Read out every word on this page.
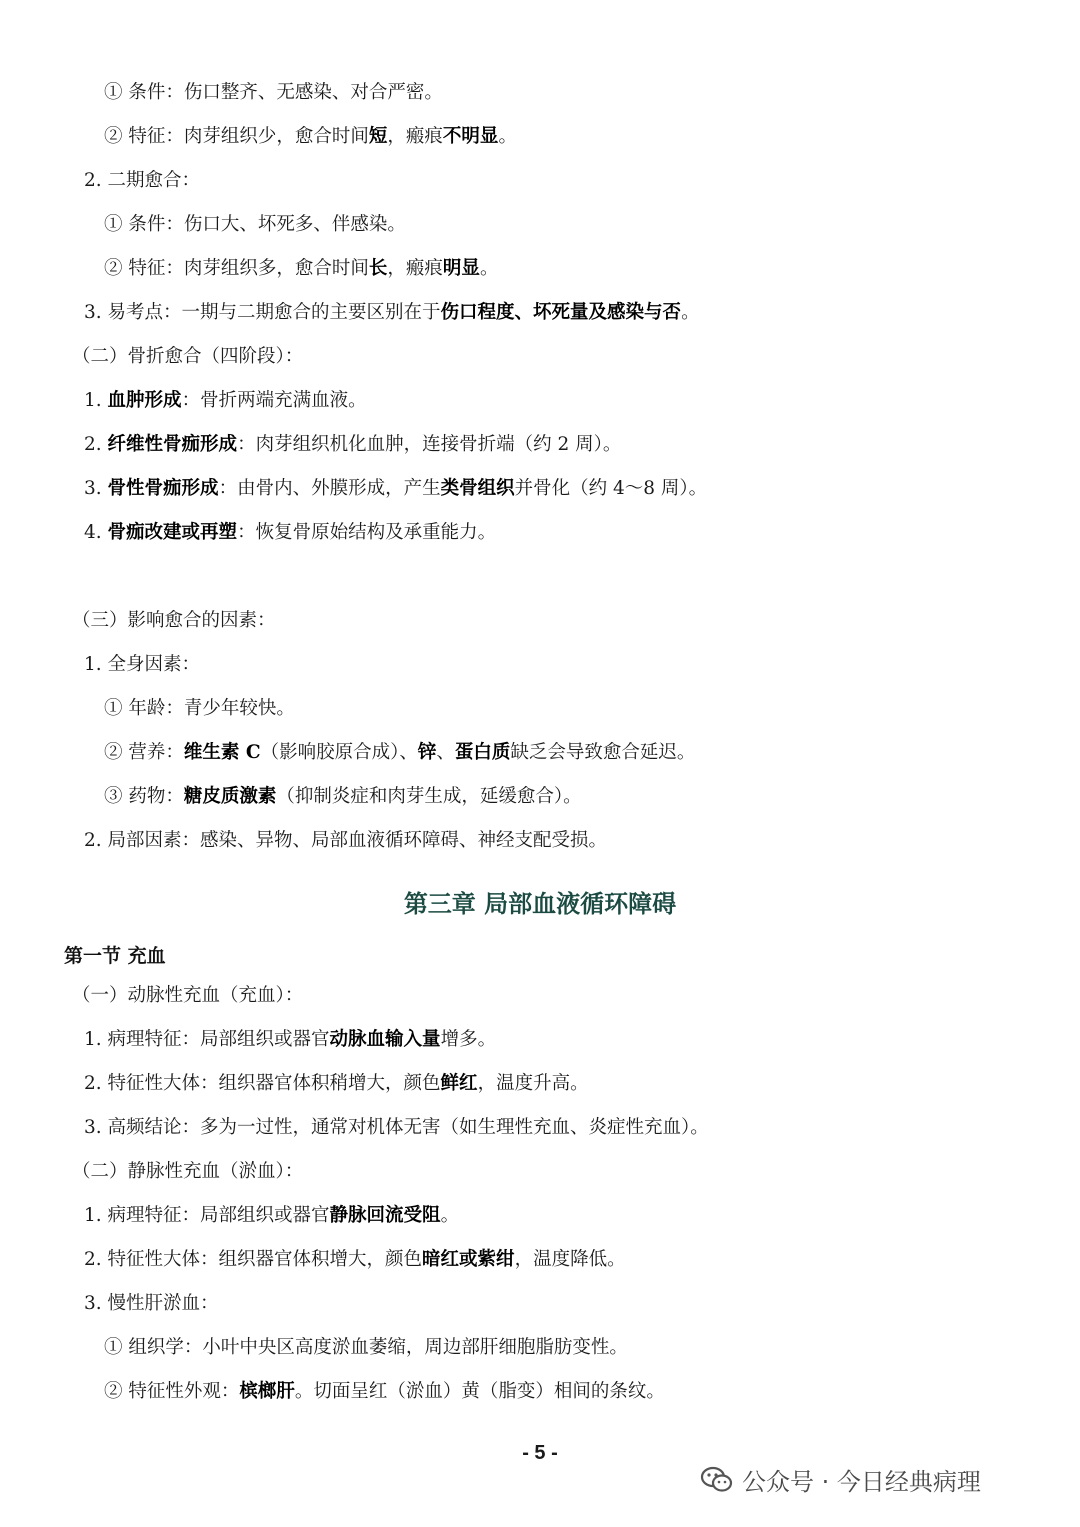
① 条件：伤口整齐、无感染、对合严密。
② 特征：肉芽组织少，愈合时间短，瘢痕不明显。
2. 二期愈合：
① 条件：伤口大、坏死多、伴感染。
② 特征：肉芽组织多，愈合时间长，瘢痕明显。
3. 易考点：一期与二期愈合的主要区别在于伤口程度、坏死量及感染与否。
（二）骨折愈合（四阶段）：
1. 血肿形成：骨折两端充满血液。
2. 纤维性骨痂形成：肉芽组织机化血肿，连接骨折端（约 2 周）。
3. 骨性骨痂形成：由骨内、外膜形成，产生类骨组织并骨化（约 4～8 周）。
4. 骨痂改建或再塑：恢复骨原始结构及承重能力。
（三）影响愈合的因素：
1. 全身因素：
① 年龄：青少年较快。
② 营养：维生素 C（影响胶原合成）、锌、蛋白质缺乏会导致愈合延迟。
③ 药物：糖皮质激素（抑制炎症和肉芽生成，延缓愈合）。
2. 局部因素：感染、异物、局部血液循环障碍、神经支配受损。
（一）动脉性充血（充血）：
1. 病理特征：局部组织或器官动脉血输入量增多。
2. 特征性大体：组织器官体积稍增大，颜色鲜红，温度升高。
3. 高频结论：多为一过性，通常对机体无害（如生理性充血、炎症性充血）。
（二）静脉性充血（淤血）：
1. 病理特征：局部组织或器官静脉回流受阻。
2. 特征性大体：组织器官体积增大，颜色暗红或紫绀，温度降低。
3. 慢性肝淤血：
① 组织学：小叶中央区高度淤血萎缩，周边部肝细胞脂肪变性。
② 特征性外观：槟榔肝。切面呈红（淤血）黄（脂变）相间的条纹。
第三章 局部血液循环障碍
第一节 充血
- 5 -
公众号 · 今日经典病理
